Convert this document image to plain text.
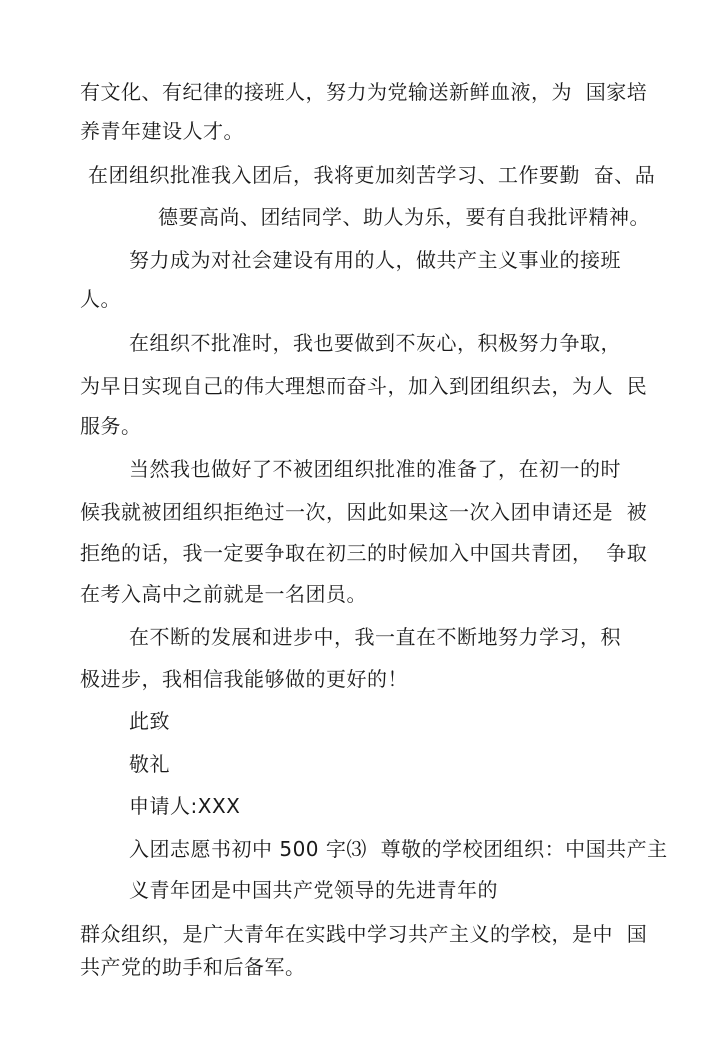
有文化、有纪律的接班人，努力为党输送新鲜血液，为  国家培
养青年建设人才。
在团组织批准我入团后，我将更加刻苦学习、工作要勤  奋、品
德要高尚、团结同学、助人为乐，要有自我批评精神。
努力成为对社会建设有用的人，做共产主义事业的接班
人。
在组织不批准时，我也要做到不灰心，积极努力争取，
为早日实现自己的伟大理想而奋斗，加入到团组织去，为人  民
服务。
当然我也做好了不被团组织批准的准备了，在初一的时
候我就被团组织拒绝过一次，因此如果这一次入团申请还是  被
拒绝的话，我一定要争取在初三的时候加入中国共青团，  争取
在考入高中之前就是一名团员。
在不断的发展和进步中，我一直在不断地努力学习，积
极进步，我相信我能够做的更好的！
此致
敬礼
申请人:XXX
入团志愿书初中 500 字⑶  尊敬的学校团组织：中国共产主
义青年团是中国共产党领导的先进青年的
群众组织，是广大青年在实践中学习共产主义的学校，是中  国
共产党的助手和后备军。
